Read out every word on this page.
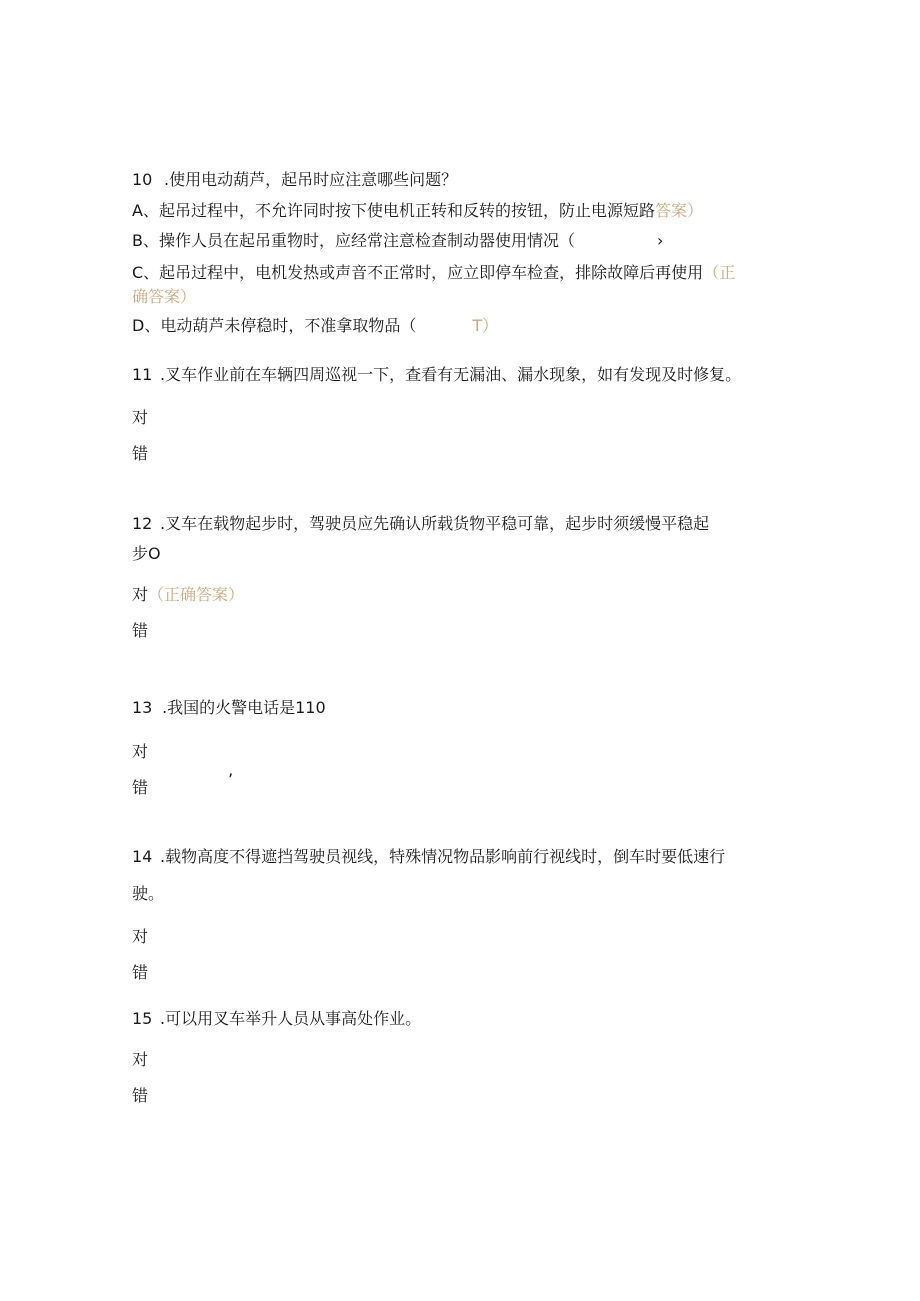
10 .使用电动葫芦，起吊时应注意哪些问题？
A、起吊过程中，不允许同时按下使电机正转和反转的按钮，防止电源短路答案）
B、操作人员在起吊重物时，应经常注意检查制动器使用情况（	›
C、起吊过程中，电机发热或声音不正常时，应立即停车检查，排除故障后再使用（正
确答案）
D、电动葫芦未停稳时，不准拿取物品（	T）
11 .叉车作业前在车辆四周巡视一下，查看有无漏油、漏水现象，如有发现及时修复。
对
错
12 .叉车在载物起步时，驾驶员应先确认所载货物平稳可靠，起步时须缓慢平稳起
步O
对（正确答案）
错
13 .我国的火警电话是110
对
错	’
14 .载物高度不得遮挡驾驶员视线，特殊情况物品影响前行视线时，倒车时要低速行
驶。
对
错
15 .可以用叉车举升人员从事高处作业。
对
错
